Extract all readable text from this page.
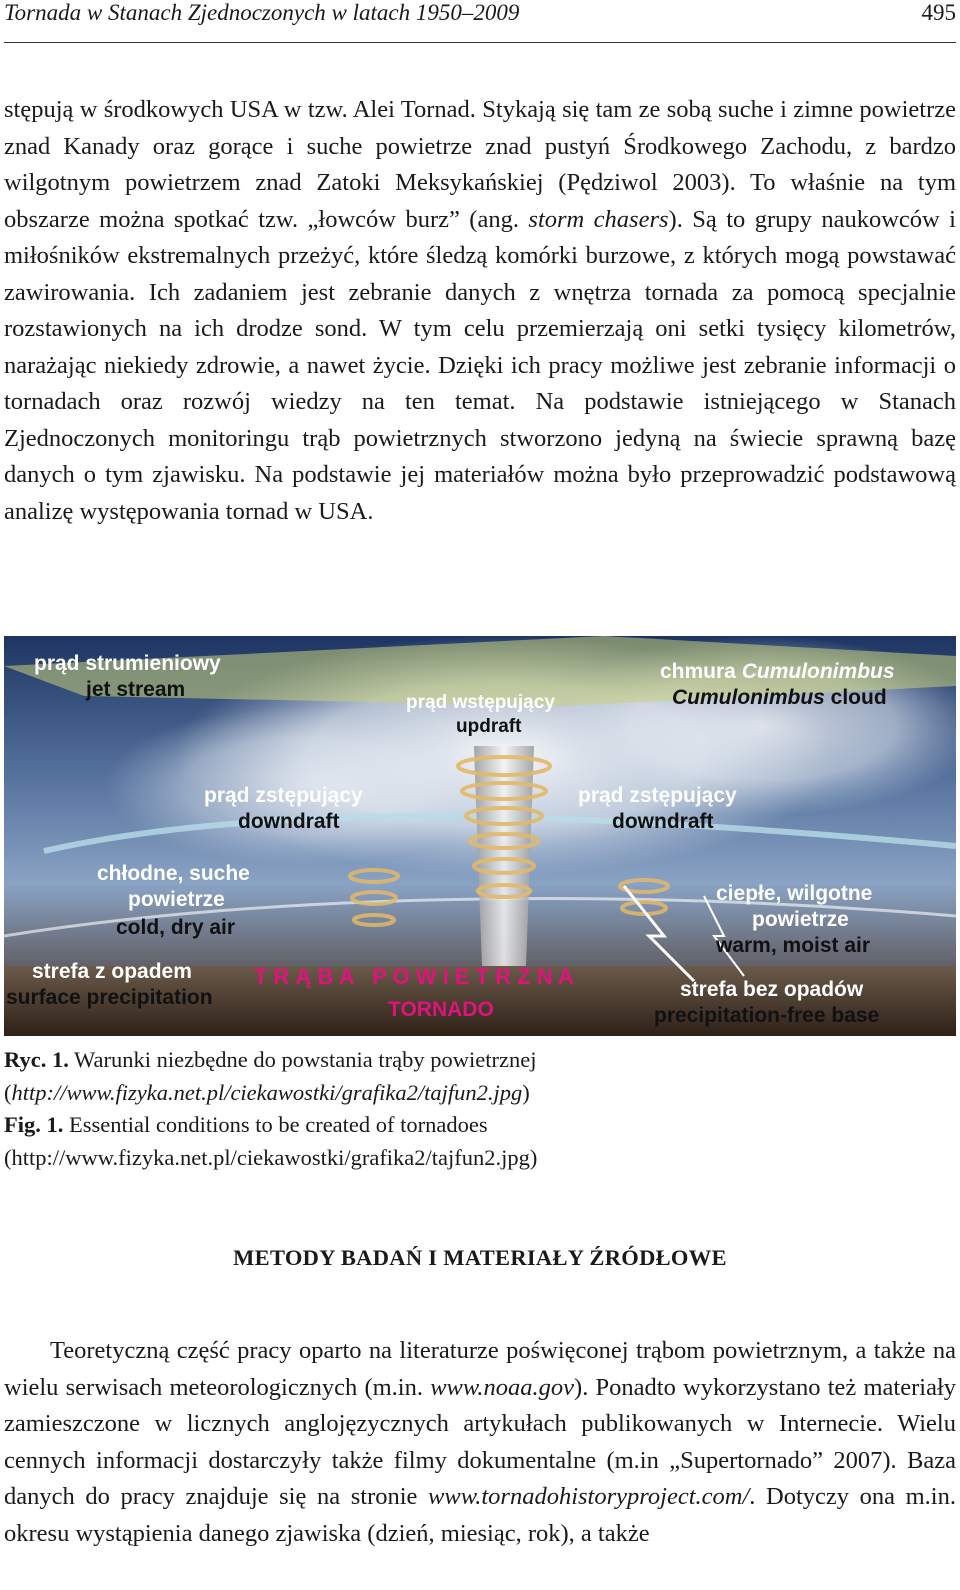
Tornada w Stanach Zjednoczonych w latach 1950–2009	495

stępują w środkowych USA w tzw. Alei Tornad. Stykają się tam ze sobą suche i zimne powietrze znad Kanady oraz gorące i suche powietrze znad pustyń Środkowego Zachodu, z bardzo wilgotnym powietrzem znad Zatoki Meksykańskiej (Pędziwol 2003). To właśnie na tym obszarze można spotkać tzw. „łowców burz” (ang. storm chasers). Są to grupy naukowców i miłośników ekstremalnych przeżyć, które śledzą komórki burzowe, z których mogą powstawać zawirowania. Ich zadaniem jest zebranie danych z wnętrza tornada za pomocą specjalnie rozstawionych na ich drodze sond. W tym celu przemierzają oni setki tysięcy kilometrów, narażając niekiedy zdrowie, a nawet życie. Dzięki ich pracy możliwe jest zebranie informacji o tornadach oraz rozwój wiedzy na ten temat. Na podstawie istniejącego w Stanach Zjednoczonych monitoringu trąb powietrznych stworzono jedyną na świecie sprawną bazę danych o tym zjawisku. Na podstawie jej materiałów można było przeprowadzić podstawową analizę występowania tornad w USA.

prąd strumieniowy
jet stream
chmura Cumulonimbus
Cumulonimbus cloud
prąd wstępujący
updraft
prąd zstępujący
downdraft
prąd zstępujący
downdraft
chłodne, suche
powietrze
cold, dry air
ciepłe, wilgotne
powietrze
warm, moist air
strefa z opadem
surface precipitation
T R Ą B A   P O W I E T R Z N A
TORNADO
strefa bez opadów
precipitation-free base
Ryc. 1. Warunki niezbędne do powstania trąby powietrznej
(http://www.fizyka.net.pl/ciekawostki/grafika2/tajfun2.jpg)
Fig. 1. Essential conditions to be created of tornadoes
(http://www.fizyka.net.pl/ciekawostki/grafika2/tajfun2.jpg)
METODY BADAŃ I MATERIAŁY ŹRÓDŁOWE

Teoretyczną część pracy oparto na literaturze poświęconej trąbom powietrznym, a także na wielu serwisach meteorologicznych (m.in. www.noaa.gov). Ponadto wykorzystano też materiały zamieszczone w licznych anglojęzycznych artykułach publikowanych w Internecie. Wielu cennych informacji dostarczyły także filmy dokumentalne (m.in „Supertornado” 2007). Baza danych do pracy znajduje się na stronie www.tornadohistoryproject.com/. Dotyczy ona m.in. okresu wystąpienia danego zjawiska (dzień, miesiąc, rok), a także
